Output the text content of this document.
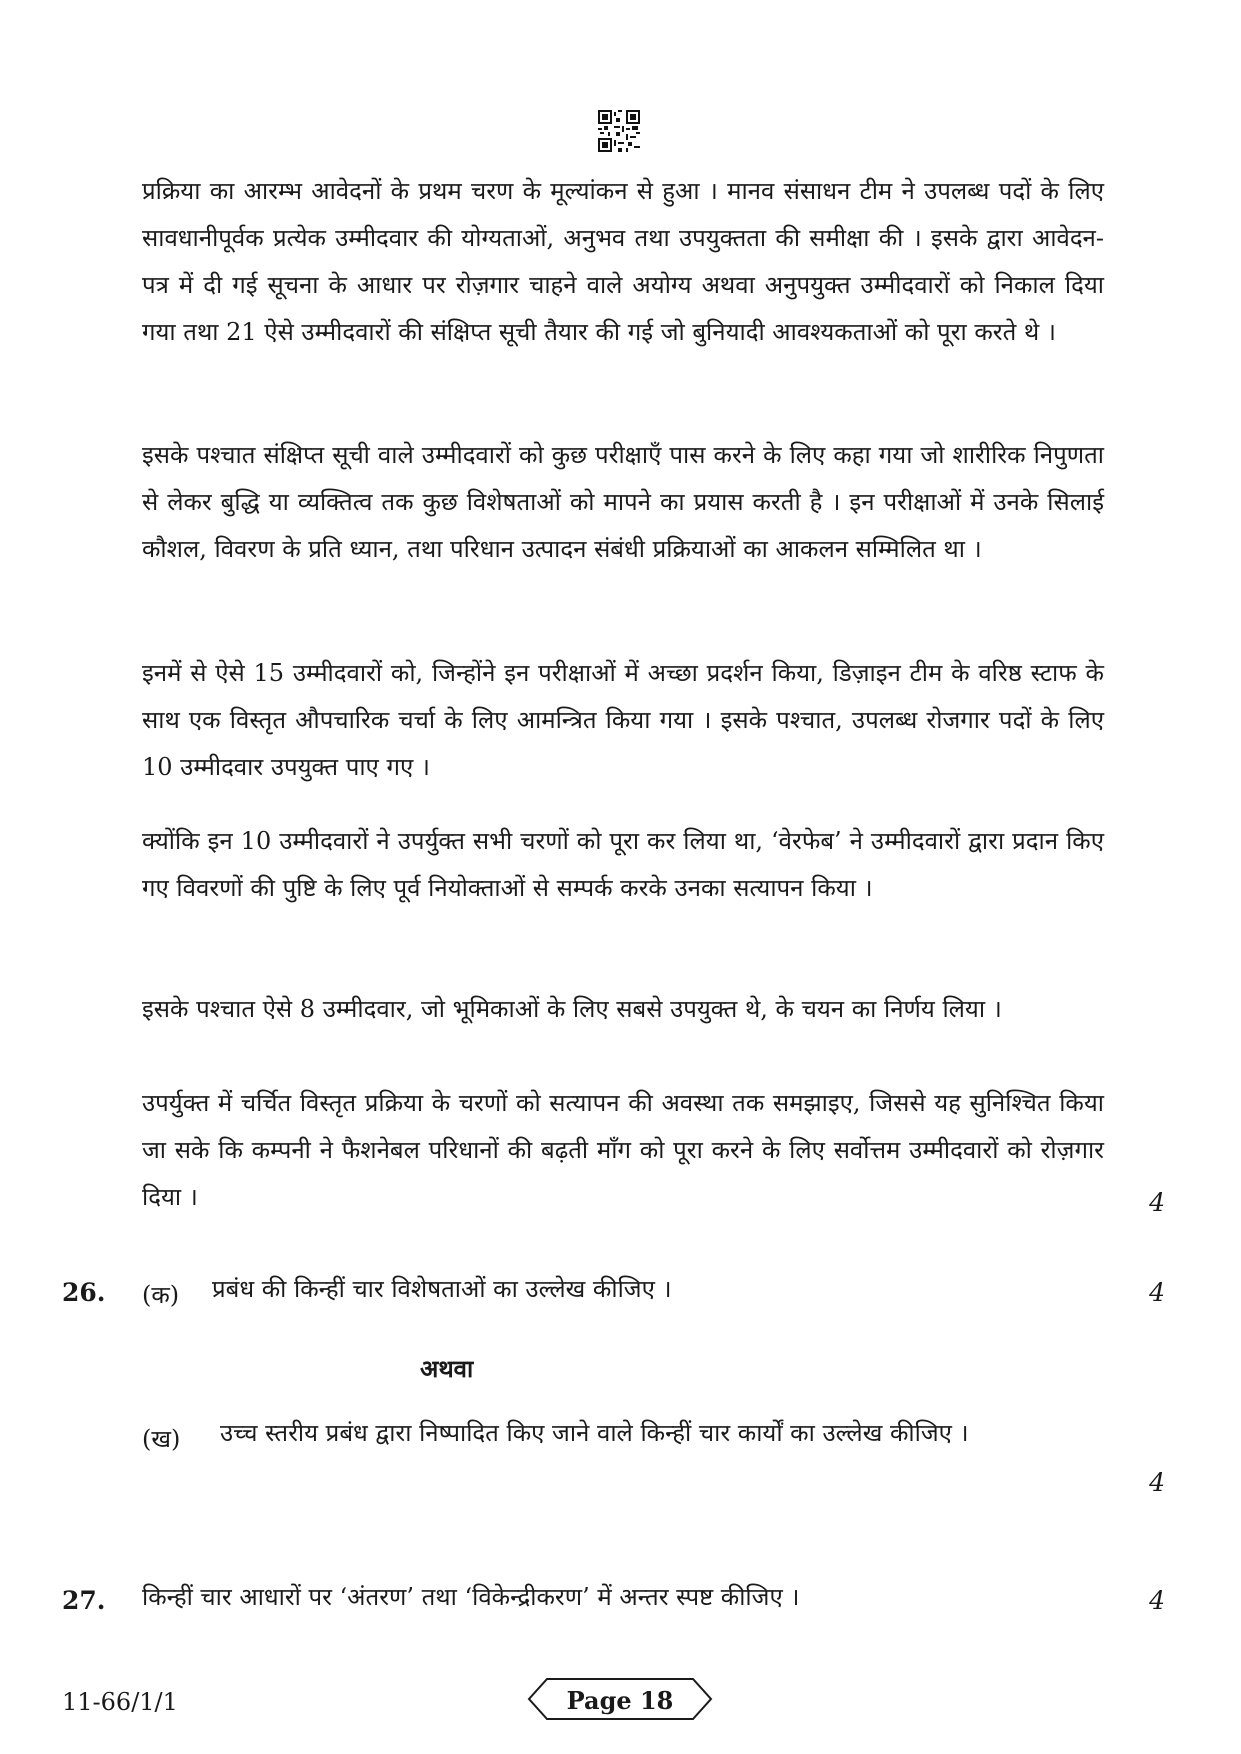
प्रक्रिया का आरम्भ आवेदनों के प्रथम चरण के मूल्यांकन से हुआ । मानव संसाधन टीम ने उपलब्ध पदों के लिए सावधानीपूर्वक प्रत्येक उम्मीदवार की योग्यताओं, अनुभव तथा उपयुक्तता की समीक्षा की । इसके द्वारा आवेदन-पत्र में दी गई सूचना के आधार पर रोज़गार चाहने वाले अयोग्य अथवा अनुपयुक्त उम्मीदवारों को निकाल दिया गया तथा 21 ऐसे उम्मीदवारों की संक्षिप्त सूची तैयार की गई जो बुनियादी आवश्यकताओं को पूरा करते थे ।

इसके पश्चात संक्षिप्त सूची वाले उम्मीदवारों को कुछ परीक्षाएँ पास करने के लिए कहा गया जो शारीरिक निपुणता से लेकर बुद्धि या व्यक्तित्व तक कुछ विशेषताओं को मापने का प्रयास करती है । इन परीक्षाओं में उनके सिलाई कौशल, विवरण के प्रति ध्यान, तथा परिधान उत्पादन संबंधी प्रक्रियाओं का आकलन सम्मिलित था ।

इनमें से ऐसे 15 उम्मीदवारों को, जिन्होंने इन परीक्षाओं में अच्छा प्रदर्शन किया, डिज़ाइन टीम के वरिष्ठ स्टाफ के साथ एक विस्तृत औपचारिक चर्चा के लिए आमन्त्रित किया गया । इसके पश्चात, उपलब्ध रोजगार पदों के लिए 10 उम्मीदवार उपयुक्त पाए गए ।

क्योंकि इन 10 उम्मीदवारों ने उपर्युक्त सभी चरणों को पूरा कर लिया था, ‘वेरफेब’ ने उम्मीदवारों द्वारा प्रदान किए गए विवरणों की पुष्टि के लिए पूर्व नियोक्ताओं से सम्पर्क करके उनका सत्यापन किया ।

इसके पश्चात ऐसे 8 उम्मीदवार, जो भूमिकाओं के लिए सबसे उपयुक्त थे, के चयन का निर्णय लिया ।

उपर्युक्त में चर्चित विस्तृत प्रक्रिया के चरणों को सत्यापन की अवस्था तक समझाइए, जिससे यह सुनिश्चित किया जा सके कि कम्पनी ने फैशनेबल परिधानों की बढ़ती माँग को पूरा करने के लिए सर्वोत्तम उम्मीदवारों को रोज़गार दिया ।	4
26. (क) प्रबंध की किन्हीं चार विशेषताओं का उल्लेख कीजिए ।	4
अथवा
(ख) उच्च स्तरीय प्रबंध द्वारा निष्पादित किए जाने वाले किन्हीं चार कार्यों का उल्लेख कीजिए ।

4
27. किन्हीं चार आधारों पर ‘अंतरण’ तथा ‘विकेन्द्रीकरण’ में अन्तर स्पष्ट कीजिए ।	4
11-66/1/1	Page 18
